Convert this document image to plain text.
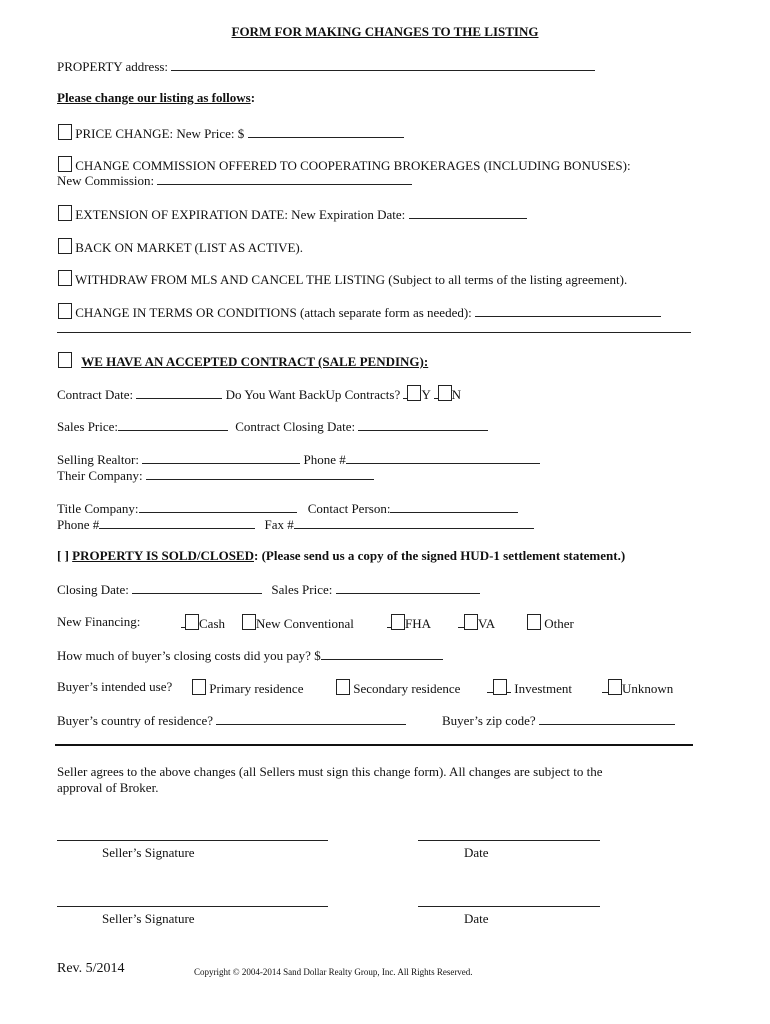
FORM FOR MAKING CHANGES TO THE LISTING
PROPERTY address:
Please change our listing as follows:
PRICE CHANGE: New Price: $
CHANGE COMMISSION OFFERED TO COOPERATING BROKERAGES (INCLUDING BONUSES):
New Commission:
EXTENSION OF EXPIRATION DATE: New Expiration Date:
BACK ON MARKET (LIST AS ACTIVE).
WITHDRAW FROM MLS AND CANCEL THE LISTING (Subject to all terms of the listing agreement).
CHANGE IN TERMS OR CONDITIONS (attach separate form as needed):
WE HAVE AN ACCEPTED CONTRACT (SALE PENDING):
Contract Date:	Do You Want BackUp Contracts? Y N
Sales Price:	Contract Closing Date:
Selling Realtor:	Phone #
Their Company:
Title Company:	Contact Person:
Phone #	Fax #
[ ] PROPERTY IS SOLD/CLOSED: (Please send us a copy of the signed HUD-1 settlement statement.)
Closing Date:	Sales Price:
New Financing:	Cash	New Conventional	FHA	VA	Other
How much of buyer’s closing costs did you pay? $
Buyer’s intended use?	Primary residence	Secondary residence	Investment	Unknown
Buyer’s country of residence?	Buyer’s zip code?
Seller agrees to the above changes (all Sellers must sign this change form). All changes are subject to the
approval of Broker.
Seller’s Signature	Date
Seller’s Signature	Date
Rev. 5/2014	Copyright © 2004-2014 Sand Dollar Realty Group, Inc. All Rights Reserved.
